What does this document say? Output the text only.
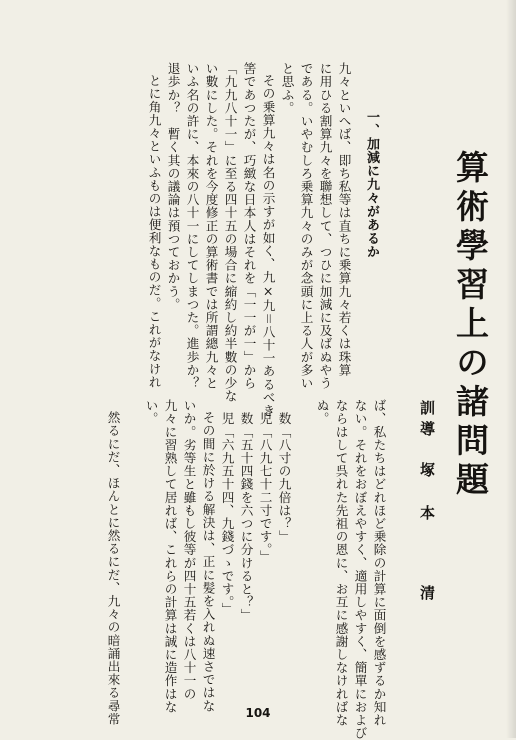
算術學習上の諸問題
訓導
塚
本
清
ば、私たちはどれほど乗除の計算に面倒を感ずるか知れ
ない。それをおぼえやすく、適用しやすく、簡單におよび
ならはして呉れた先祖の恩に、お互に感謝しなければな
ぬ。
　数「八寸の九倍は？」
　児「八九七十二寸です。」
　数「五十四錢を六つに分けると？」
　児「六九五十四、九錢づゝです。」
その間に於ける解決は、正に髪を入れぬ速さではな
いか。劣等生と雖もし彼等が四十五若くは八十一の
九々に習熟して居れば、これらの計算は誠に造作はな
い。
然るにだ、ほんとに然るにだ、九々の暗誦出來る尋常
一、加減に九々があるか
九々といへば、即ち私等は直ちに乗算九々若くは珠算
に用ひる割算九々を聯想して、つひに加減に及ばぬやう
である。いやむしろ乗算九々のみが念頭に上る人が多い
と思ふ。
その乗算九々は名の示すが如く、九×九＝八十一あるべき
筈であつたが、巧緻な日本人はそれを「一一が一」から
「九九八十一」に至る四十五の場合に縮約し約半數の少な
い數にした。それを今度修正の算術書では所謂總九々と
いふ名の許に、本來の八十一にしてしまつた。進歩か？
退歩か？　暫く其の議論は預つておかう。
とに角九々といふものは便利なものだ。これがなけれ
104
